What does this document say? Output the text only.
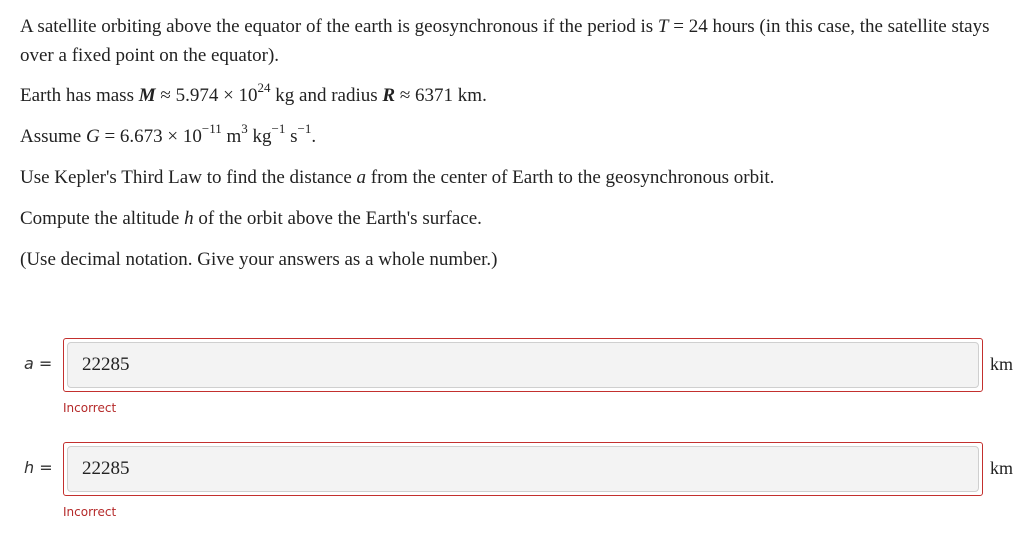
A satellite orbiting above the equator of the earth is geosynchronous if the period is T = 24 hours (in this case, the satellite stays over a fixed point on the equator).

Earth has mass $M \approx 5.974 \times 10^{24}$ kg and radius R ≈ 6371 km.

Assume $G = 6.673 \times 10^{-11}$ $m^3$ $kg^{-1}$ $s^{-1}$.

Use Kepler's Third Law to find the distance a from the center of Earth to the geosynchronous orbit.

Compute the altitude h of the orbit above the Earth's surface.

(Use decimal notation. Give your answers as a whole number.)

a =	22285	km
Incorrect
h =	22285	km
Incorrect
